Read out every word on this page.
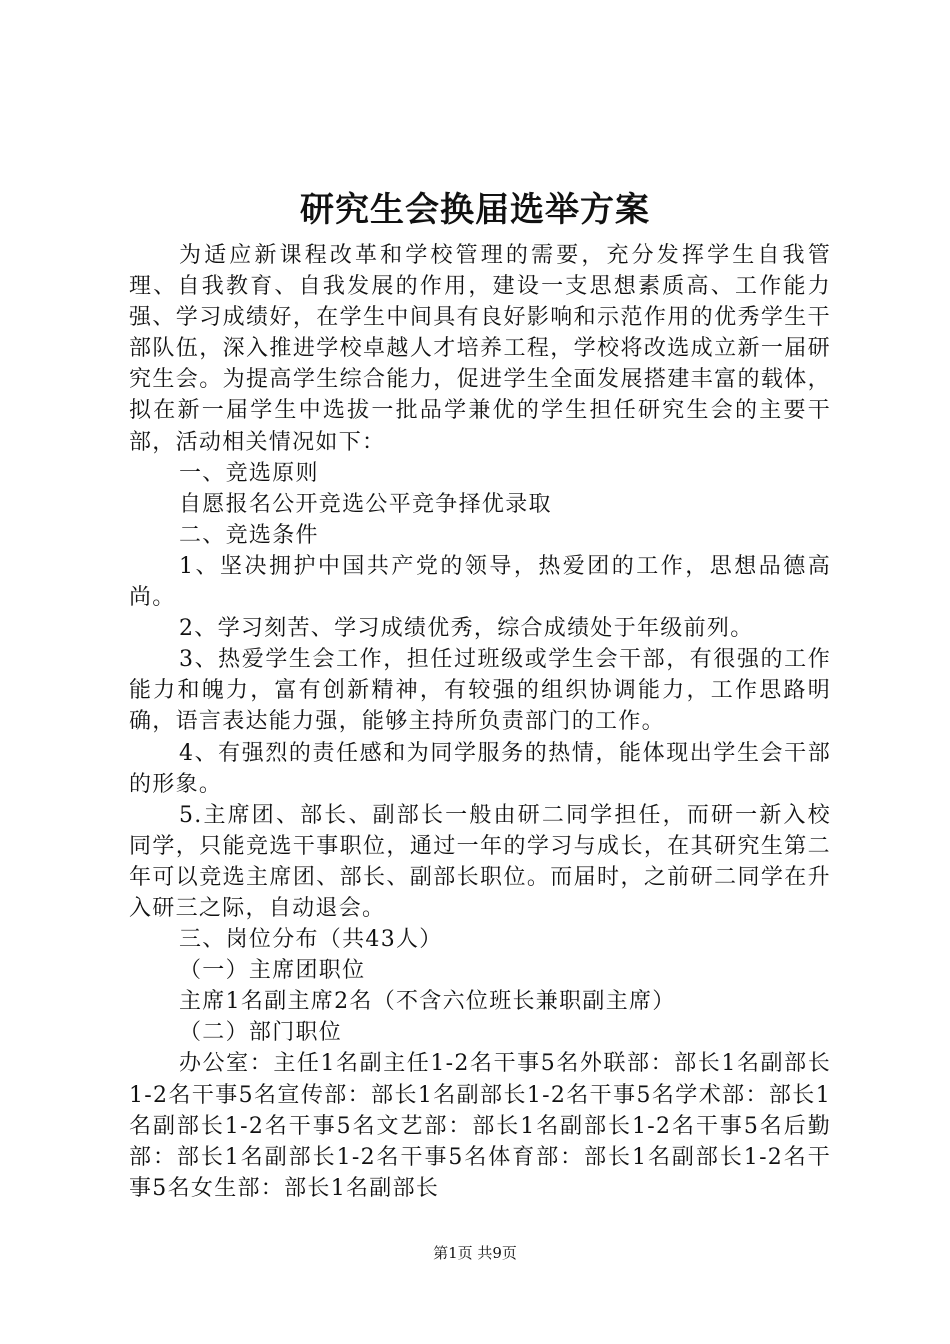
研究生会换届选举方案

为适应新课程改革和学校管理的需要，充分发挥学生自我管理、自我教育、自我发展的作用，建设一支思想素质高、工作能力强、学习成绩好，在学生中间具有良好影响和示范作用的优秀学生干部队伍，深入推进学校卓越人才培养工程，学校将改选成立新一届研究生会。为提高学生综合能力，促进学生全面发展搭建丰富的载体，拟在新一届学生中选拔一批品学兼优的学生担任研究生会的主要干部，活动相关情况如下：

一、竞选原则

自愿报名公开竞选公平竞争择优录取

二、竞选条件

1、坚决拥护中国共产党的领导，热爱团的工作，思想品德高尚。

2、学习刻苦、学习成绩优秀，综合成绩处于年级前列。

3、热爱学生会工作，担任过班级或学生会干部，有很强的工作能力和魄力，富有创新精神，有较强的组织协调能力，工作思路明确，语言表达能力强，能够主持所负责部门的工作。

4、有强烈的责任感和为同学服务的热情，能体现出学生会干部的形象。

5.主席团、部长、副部长一般由研二同学担任，而研一新入校同学，只能竞选干事职位，通过一年的学习与成长，在其研究生第二年可以竞选主席团、部长、副部长职位。而届时，之前研二同学在升入研三之际，自动退会。

三、岗位分布（共43人）

（一）主席团职位

主席1名副主席2名（不含六位班长兼职副主席）

（二）部门职位

办公室：主任1名副主任1-2名干事5名外联部：部长1名副部长1-2名干事5名宣传部：部长1名副部长1-2名干事5名学术部：部长1名副部长1-2名干事5名文艺部：部长1名副部长1-2名干事5名后勤部：部长1名副部长1-2名干事5名体育部：部长1名副部长1-2名干事5名女生部：部长1名副部长

第1页 共9页
